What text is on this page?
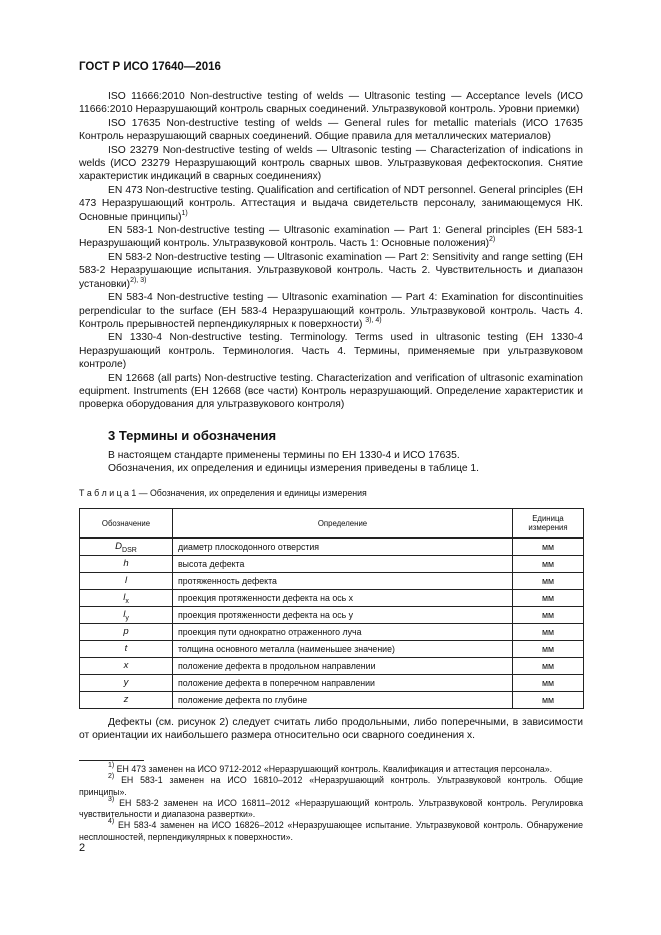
ГОСТ Р ИСО 17640—2016

ISO 11666:2010 Non-destructive testing of welds — Ultrasonic testing — Acceptance levels (ИСО 11666:2010 Неразрушающий контроль сварных соединений. Ультразвуковой контроль. Уровни приемки)

ISO 17635 Non-destructive testing of welds — General rules for metallic materials (ИСО 17635 Контроль неразрушающий сварных соединений. Общие правила для металлических материалов)

ISO 23279 Non-destructive testing of welds — Ultrasonic testing — Characterization of indications in welds (ИСО 23279 Неразрушающий контроль сварных швов. Ультразвуковая дефектоскопия. Снятие характеристик индикаций в сварных соединениях)

EN 473 Non-destructive testing. Qualification and certification of NDT personnel. General principles (ЕН 473 Неразрушающий контроль. Аттестация и выдача свидетельств персоналу, занимающемуся НК. Основные принципы)$^{1)}$

EN 583-1 Non-destructive testing — Ultrasonic examination — Part 1: General principles (ЕН 583-1 Неразрушающий контроль. Ультразвуковой контроль. Часть 1: Основные положения)$^{2)}$

EN 583-2 Non-destructive testing — Ultrasonic examination — Part 2: Sensitivity and range setting (ЕН 583-2 Неразрушающие испытания. Ультразвуковой контроль. Часть 2. Чувствительность и диапазон установки)$^{2), 3)}$

EN 583-4 Non-destructive testing — Ultrasonic examination — Part 4: Examination for discontinuities perpendicular to the surface (ЕН 583-4 Неразрушающий контроль. Ультразвуковой контроль. Часть 4. Контроль прерывностей перпендикулярных к поверхности) $^{3), 4)}$

EN 1330-4 Non-destructive testing. Terminology. Terms used in ultrasonic testing (ЕН 1330-4 Неразрушающий контроль. Терминология. Часть 4. Термины, применяемые при ультразвуковом контроле)

EN 12668 (all parts) Non-destructive testing. Characterization and verification of ultrasonic examination equipment. Instruments (ЕН 12668 (все части) Контроль неразрушающий. Определение характеристик и проверка оборудования для ультразвукового контроля)

3 Термины и обозначения

В настоящем стандарте применены термины по ЕН 1330-4 и ИСО 17635.

Обозначения, их определения и единицы измерения приведены в таблице 1.

Т а б л и ц а 1 — Обозначения, их определения и единицы измерения
Обозначение	Определение	Единица измерения
$D_{DSR}$	диаметр плоскодонного отверстия	мм
h	высота дефекта	мм
l	протяженность дефекта	мм
$l_x$	проекция протяженности дефекта на ось x	мм
$l_y$	проекция протяженности дефекта на ось y	мм
p	проекция пути однократно отраженного луча	мм
t	толщина основного металла (наименьшее значение)	мм
x	положение дефекта в продольном направлении	мм
y	положение дефекта в поперечном направлении	мм
z	положение дефекта по глубине	мм

Дефекты (см. рисунок 2) следует считать либо продольными, либо поперечными, в зависимости от ориентации их наибольшего размера относительно оси сварного соединения x.

$^{1)}$ ЕН 473 заменен на ИСО 9712-2012 «Неразрушающий контроль. Квалификация и аттестация персонала».

$^{2)}$ ЕН 583-1 заменен на ИСО 16810–2012 «Неразрушающий контроль. Ультразвуковой контроль. Общие принципы».

$^{3)}$ ЕН 583-2 заменен на ИСО 16811–2012 «Неразрушающий контроль. Ультразвуковой контроль. Регулировка чувствительности и диапазона развертки».

$^{4)}$ ЕН 583-4 заменен на ИСО 16826–2012 «Неразрушающее испытание. Ультразвуковой контроль. Обнаружение несплошностей, перпендикулярных к поверхности».

2
